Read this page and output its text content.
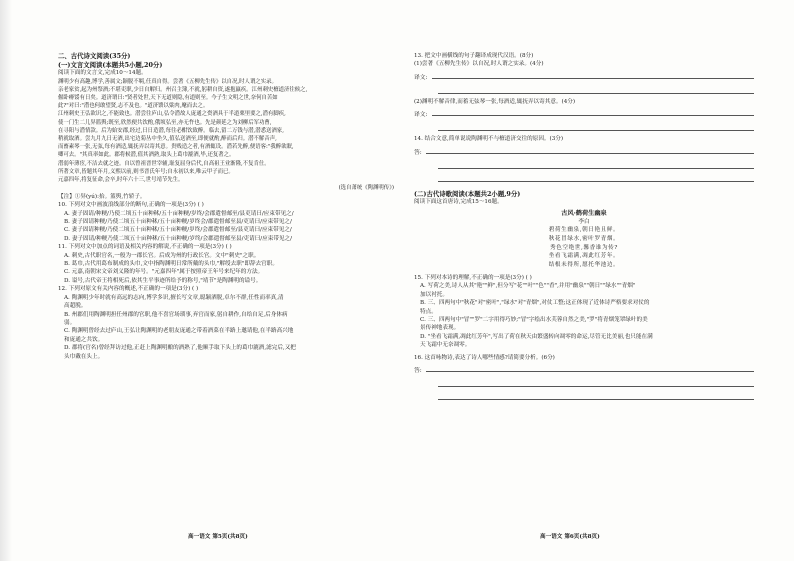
二、古代诗文阅读(35分)
(一)文言文阅读(本题共5小题,20分)
阅读下面的文言文,完成10～14题。
渊明少有高趣,博学,善属文;颖脱不羁,任真自得。尝著《五柳先生传》以自况,时人谓之实录。
亲老家贫,起为州祭酒;不堪吏职,少日自解归。州召主簿,不就,躬耕自资,遂抱羸疾。江州刺史檀道济往候之,
偃卧瘠馁有日矣。道济谓曰:"贤者处世,天下无道则隐,有道则至。今子生文明之世,奈何自苦如
此?"对曰:"潜也何敢望贤,志不及也。"道济馈以粱肉,麾而去之。
江州刺史王弘欲识之,不能致也。潜尝往庐山,弘令潜故人庞通之赍酒具于半道栗里要之,潜有脚疾,
使一门生二儿舁篮舆;既至,欣然便共饮酌,俄顷弘至,亦无忤也。先是颜延之为刘柳后军功曹,
在寻阳与潜情款。后为始安郡,经过,日日造潜,每往必酣饮致醉。临去,留二万钱与潜,潜悉送酒家,
稍就取酒。尝九月九日无酒,出宅边菊丛中坐久,值弘送酒至,即便就酌,醉而后归。潜不解音声,
而畜素琴一张,无弦,每有酒适,辄抚弄以寄其意。贵贱造之者,有酒辄设。潜若先醉,便语客:"我醉欲眠,
卿可去。"其真率如此。郡将候潜,值其酒熟,取头上葛巾漉酒,毕,还复著之。
潜弱年薄宦,不洁去就之迹。自以曾祖晋世宰辅,耻复屈身后代,自高祖王业渐隆,不复肯仕。
所著文章,皆题其年月,义熙以前,则书晋氏年号;自永初以来,唯云甲子而已。
元嘉四年,将复征命,会卒,时年六十三,世号靖节先生。
(选自萧统《陶渊明传》)
【注】①舁(yú):抬。篮舆,竹轿子。
10. 下列对文中画波浪线部分的断句,正确的一项是(3分) ( )
A. 妻子固请/种粳/乃使二顷五十亩种秫/五十亩种粳/岁终/会郡遣督邮至/县吏请曰/应束带见之/
B. 妻子固请种粳/乃使二顷五十亩种秫/五十亩种粳/岁终会/郡遣督邮至县/吏请曰/应束带见之/
C. 妻子固请种粳/乃使二顷五十亩种秫/五十亩种粳/岁终/会郡遣督邮至/县吏请曰/应束带见之/
D. 妻子固请/种粳乃使二顷五十亩种秫/五十亩种粳/岁终/会郡遣督邮至县/吏请曰/应束带见之/
11. 下列对文中加点的词语及相关内容的解说,不正确的一项是(3分) ( )
A. 刺史,古代职官名,一般为一郡长官。后成为州的行政长官。文中"刺史"之职。
B. 葛巾,古代用葛布制成的头巾,文中指陶渊明日常所戴的头巾,"解绶去职"即辞去官职。
C. 元嘉,南朝宋文帝刘义隆的年号。"元嘉四年"属于按照帝王年号来纪年的方法。
D. 谥号,古代帝王将相死后,依其生平事迹所给予的称号,"靖节"是陶渊明的谥号。
12. 下列对原文有关内容的概述,不正确的一项是(3分) ( )
A. 陶渊明少年时就有高远的志向,博学多识,擅长写文章,聪颖洒脱,卓尔不群,任性而率真,清
高超脱。
B. 州郡们用陶渊明担任州郡的官职,他不喜官场琐事,弃官而家,躬自耕作,自给自足,后身体病
弱。
C. 陶渊明曾经去过庐山,王弘让陶渊明的老朋友庞通之带着酒菜在半路上邀请他,在半路高兴地
和庞通之共饮。
D. 郡将(官名)曾经拜访过他,正赶上陶渊明酿的酒熟了,他顺手取下头上的葛巾漉酒,滤完后,又把
头巾戴在头上。
13. 把文中画横线的句子翻译成现代汉语。(8分)
(1)尝著《五柳先生传》以自况,时人谓之实录。(4分)
译文:
(2)渊明不解音律,而蓄无弦琴一张,每酒适,辄抚弄以寄其意。(4分)
译文:
14. 结合文意,简单说说陶渊明不与檀道济交往的原因。(3分)
答:
(二)古代诗歌阅读(本题共2小题,9分)
阅读下面这首唐诗,完成15～16题。
古风·鹤荷生幽泉
李白
碧荷生幽泉,朝日艳且鲜。
秋花冒绿水,密叶罗青烟。
秀色空绝世,馨香谁为传?
坐看飞霜满,凋此红芳年。
结根未得所,愿托华池边。
15. 下列对本诗的理解,不正确的一项是(3分) ( )
A. 写荷之美,诗人从其"艳""鲜",但分写"花""叶""色""香",并用"幽泉""朝日""绿水""青烟"
加以衬托。
B. 三、四两句中"秋花"对"密叶","绿水"对"青烟",对仗工整;这正体现了近体诗严格要求对仗的
特点。
C. 三、四两句中"冒""罗"二字用得巧妙;"冒"字绘出水芙蓉自然之美,"罗"将青烟笼罩绿叶的美
景传神地表现。
D. "坐看飞霜满,凋此红芳年",写出了荷在秋天由繁盛转向凋零的命运,尽管无比美丽,也只能在满
天飞霜中无奈凋零。
16. 这首咏物诗,表达了诗人哪些情感?请简要分析。(6分)
答:
高一语文 第5页(共8页)	高一语文 第6页(共8页)
